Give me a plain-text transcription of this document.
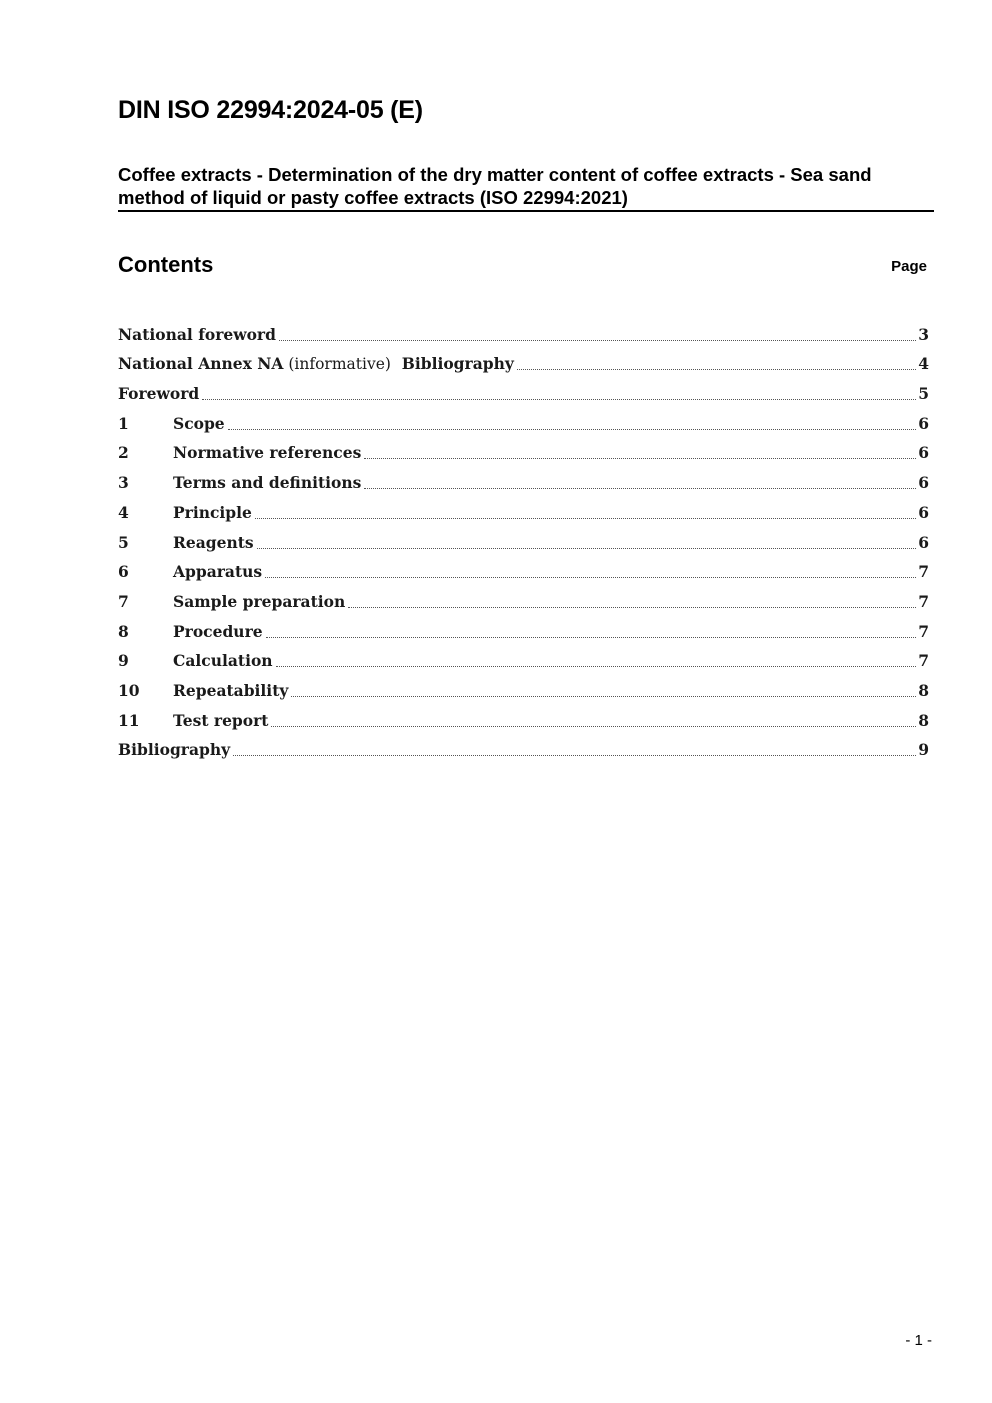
DIN ISO 22994:2024-05 (E)
Coffee extracts - Determination of the dry matter content of coffee extracts - Sea sand method of liquid or pasty coffee extracts (ISO 22994:2021)
Contents	Page
National foreword	3
National Annex NA (informative)  Bibliography	4
Foreword	5
1	Scope	6
2	Normative references	6
3	Terms and definitions	6
4	Principle	6
5	Reagents	6
6	Apparatus	7
7	Sample preparation	7
8	Procedure	7
9	Calculation	7
10	Repeatability	8
11	Test report	8
Bibliography	9
- 1 -
